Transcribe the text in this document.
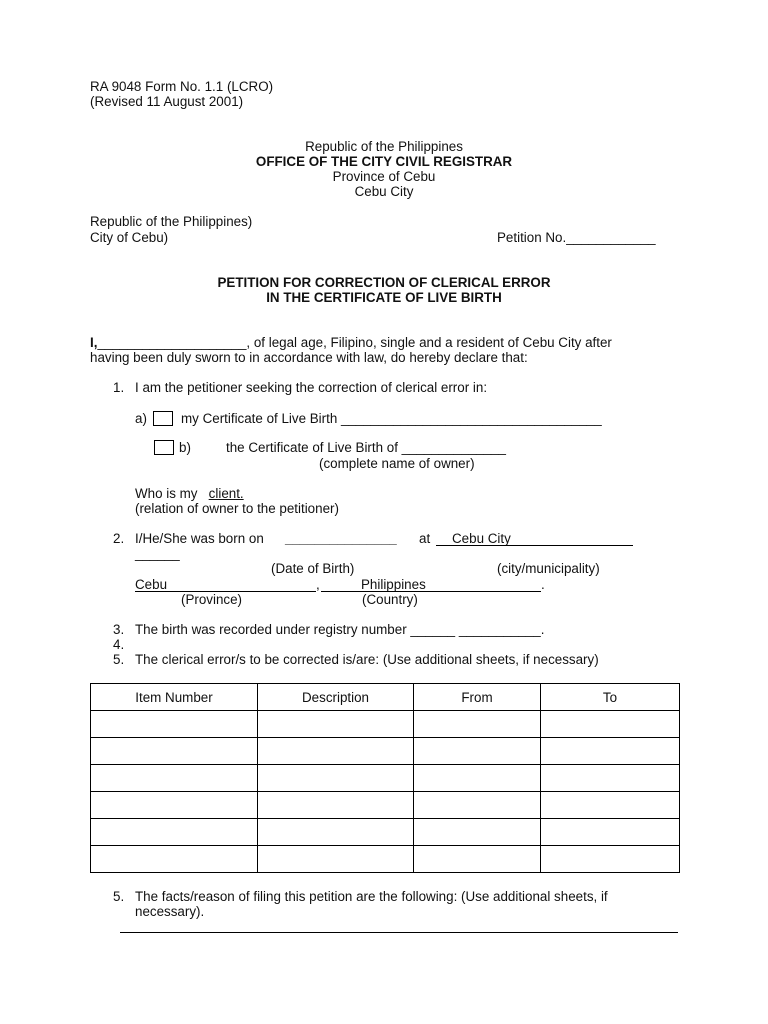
RA 9048 Form No. 1.1 (LCRO)
(Revised 11 August 2001)
Republic of the Philippines
OFFICE OF THE CITY CIVIL REGISTRAR
Province of Cebu
Cebu City
Republic of the Philippines)
City of Cebu)	Petition No.____________
PETITION FOR CORRECTION OF CLERICAL ERROR
IN THE CERTIFICATE OF LIVE BIRTH
I,____________________, of legal age, Filipino, single and a resident of Cebu City after
having been duly sworn to in accordance with law, do hereby declare that:
1. I am the petitioner seeking the correction of clerical error in:
a)	my Certificate of Live Birth ___________________________________
b)	the Certificate of Live Birth of ______________
(complete name of owner)
Who is my client.
(relation of owner to the petitioner)
2. I/He/She was born on _______________ at Cebu City
______
(Date of Birth)	(city/municipality)
Cebu	,	Philippines	.
(Province)	(Country)
3. The birth was recorded under registry number ______ ___________.
4.
5. The clerical error/s to be corrected is/are: (Use additional sheets, if necessary)
Item Number	Description	From	To

5. The facts/reason of filing this petition are the following: (Use additional sheets, if
necessary).
